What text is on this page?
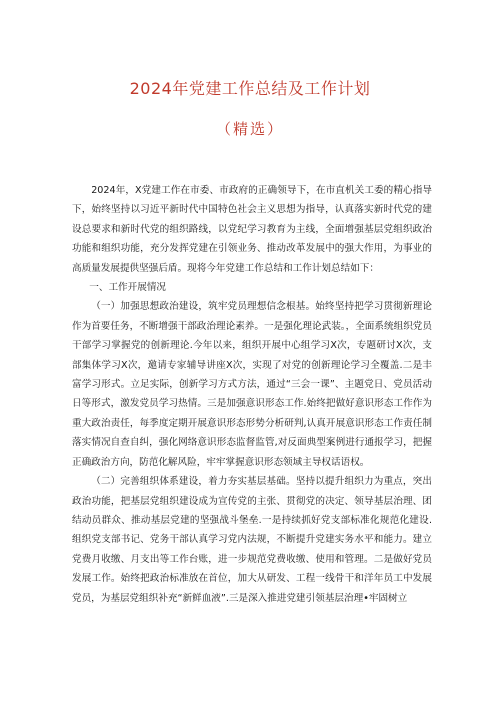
2024年党建工作总结及工作计划
（精选）

2024年，X党建工作在市委、市政府的正确领导下，在市直机关工委的精心指导下，始终坚持以习近平新时代中国特色社会主义思想为指导，认真落实新时代党的建设总要求和新时代党的组织路线，以党纪学习教育为主线，全面增强基层党组织政治功能和组织功能，充分发挥党建在引领业务、推动改革发展中的强大作用，为事业的高质量发展提供坚强后盾。现将今年党建工作总结和工作计划总结如下：

一、工作开展情况

（一）加强思想政治建设，筑牢党员理想信念根基。始终坚持把学习贯彻新理论作为首要任务，不断增强干部政治理论素养。一是强化理论武装。，全面系统组织党员干部学习掌握党的创新理论.今年以来，组织开展中心组学习X次，专题研讨X次，支部集体学习X次，邀请专家辅导讲座X次，实现了对党的创新理论学习全覆盖.二是丰富学习形式。立足实际，创新学习方式方法，通过“三会一课”、主题党日、党员活动日等形式，激发党员学习热情。三是加强意识形态工作.始终把做好意识形态工作作为重大政治责任，每季度定期开展意识形态形势分析研判,认真开展意识形态工作责任制落实情况自查自纠，强化网络意识形态监督监管,对反面典型案例进行通报学习，把握正确政治方向，防范化解风险，牢牢掌握意识形态领域主导权话语权。

（二）完善组织体系建设，着力夯实基层基础。坚持以提升组织力为重点，突出政治功能，把基层党组织建设成为宣传党的主张、贯彻党的决定、领导基层治理、团结动员群众、推动基层党建的坚强战斗堡垒.一是持续抓好党支部标准化规范化建设.组织党支部书记、党务干部认真学习党内法规，不断提升党建实务水平和能力。建立党费月收缴、月支出等工作台账，进一步规范党费收缴、使用和管理。二是做好党员发展工作。始终把政治标准放在首位，加大从研发、工程一线骨干和洋年员工中发展党员，为基层党组织补充“新鲜血液”.三是深入推进党建引领基层治理•牢固树立
